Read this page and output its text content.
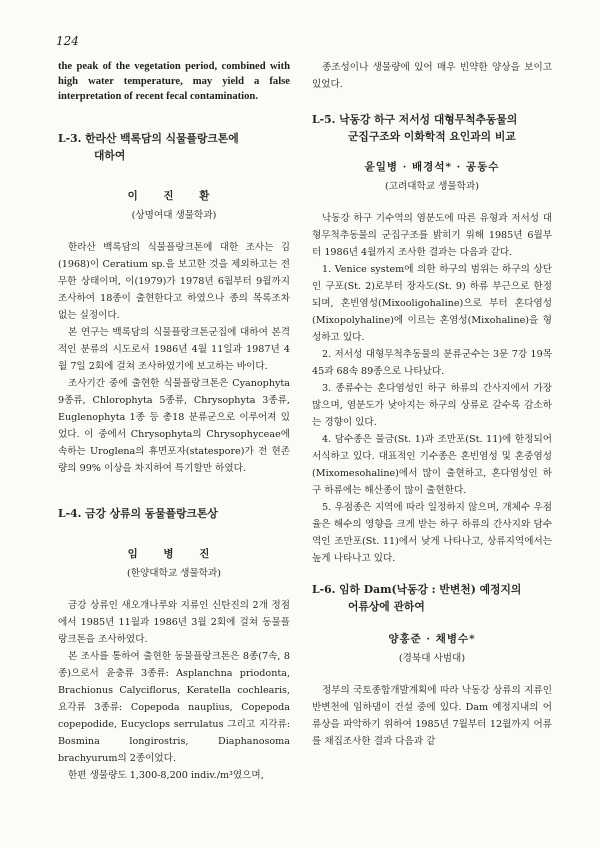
124

the peak of the vegetation period, combined with high water temperature, may yield a false interpretation of recent fecal contamination.

L-3. 한라산 백록담의 식물플랑크톤에
대하여
이 진 환
(상명여대 생물학과)

한라산 백록담의 식물플랑크톤에 대한 조사는 김(1968)이 Ceratium sp.을 보고한 것을 제외하고는 전무한 상태이며, 이(1979)가 1978년 6월부터 9월까지 조사하여 18종이 출현한다고 하였으나 종의 목록조차 없는 실정이다.

본 연구는 백록담의 식물플랑크톤군집에 대하여 본격적인 분류의 시도로서 1986년 4월 11일과 1987년 4월 7일 2회에 걸쳐 조사하였기에 보고하는 바이다.

조사기간 중에 출현한 식물플랑크톤은 Cyanophyta 9종류, Chlorophyta 5종류, Chrysophyta 3종류, Euglenophyta 1종 등 총18 분류군으로 이루어져 있었다. 이 중에서 Chrysophyta의 Chrysophyceae에 속하는 Uroglena의 휴면포자(statespore)가 전 현존량의 99% 이상을 차지하여 특기할만 하였다.

L-4. 금강 상류의 동물플랑크톤상
임 병 진
(한양대학교 생물학과)

금강 상류인 새오개나루와 지류인 신탄진의 2개 정점에서 1985년 11월과 1986년 3월 2회에 걸쳐 동물플랑크톤을 조사하였다.

본 조사를 통하여 출현한 동물플랑크톤은 8종(7속, 8종)으로서 윤충류 3종류: Asplanchna priodonta, Brachionus Calyciflorus, Keratella cochlearis, 요각류 3종류: Copepoda nauplius, Copepoda copepodide, Eucyclops serrulatus 그리고 지각류: Bosmina longirostris, Diaphanosoma brachyurum의 2종이었다.

한편 생물량도 1,300-8,200 indiv./m³였으며,

종조성이나 생물량에 있어 매우 빈약한 양상을 보이고 있었다.

L-5. 낙동강 하구 저서성 대형무척추동물의
군집구조와 이화학적 요인과의 비교
윤일병 · 배경석* · 공동수
(고려대학교 생물학과)

낙동강 하구 기수역의 염분도에 따른 유형과 저서성 대형무척추동물의 군집구조를 밝히기 위해 1985년 6월부터 1986년 4월까지 조사한 결과는 다음과 같다.

1. Venice system에 의한 하구의 범위는 하구의 상단인 구포(St. 2)로부터 장자도(St. 9) 하류 부근으로 한정되며, 혼빈염성(Mixooligohaline)으로 부터 혼다염성(Mixopolyhaline)에 이르는 혼염성(Mixohaline)을 형성하고 있다.

2. 저서성 대형무척추동물의 분류군수는 3문 7강 19목 45과 68속 89종으로 나타났다.

3. 종류수는 혼다염성인 하구 하류의 간사지에서 가장 많으며, 염분도가 낮아지는 하구의 상류로 갈수록 감소하는 경향이 있다.

4. 담수종은 물금(St. 1)과 조만포(St. 11)에 한정되어 서식하고 있다. 대표적인 기수종은 혼빈염성 및 혼중염성(Mixomesohaline)에서 많이 출현하고, 혼다염성인 하구 하류에는 해산종이 많이 출현한다.

5. 우점종은 지역에 따라 일정하지 않으며, 개체수 우점율은 해수의 영향을 크게 받는 하구 하류의 간사지와 담수역인 조만포(St. 11)에서 낮게 나타나고, 상류지역에서는 높게 나타나고 있다.

L-6. 임하 Dam(낙동강 : 반변천) 예정지의
어류상에 관하여
양홍준 · 채병수*
(경북대 사범대)

정부의 국토종합개발계획에 따라 낙동강 상류의 지류인 반변천에 임하댐이 건설 중에 있다. Dam 예정지내의 어류상을 파악하기 위하여 1985년 7월부터 12월까지 어류를 채집조사한 결과 다음과 같
